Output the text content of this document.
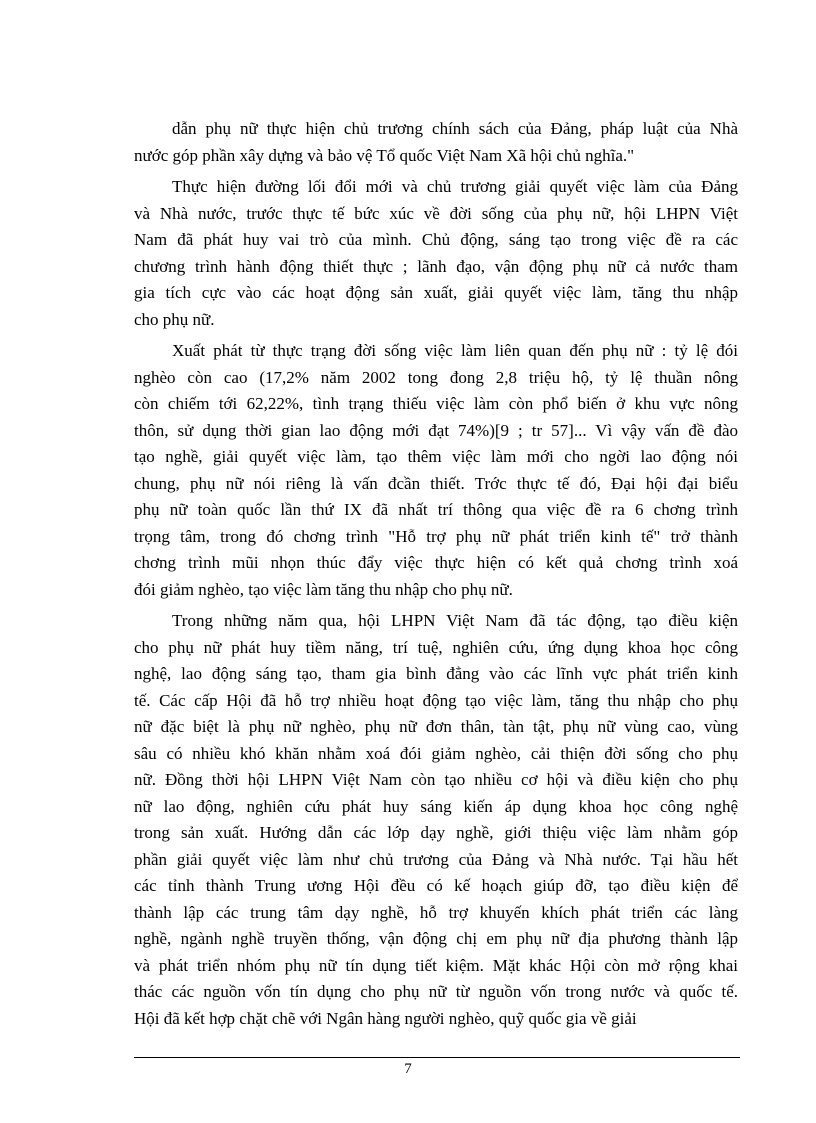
dẫn phụ nữ thực hiện chủ trương chính sách của Đảng, pháp luật của Nhà
nước góp phần xây dựng và bảo vệ Tổ quốc Việt Nam Xã hội chủ nghĩa."
Thực hiện đường lối đổi mới và chủ trương giải quyết việc làm của Đảng
và Nhà nước, trước thực tế bức xúc về đời sống của phụ nữ, hội LHPN Việt
Nam đã phát huy vai trò của mình. Chủ động, sáng tạo trong việc đề ra các
chương trình hành động thiết thực ; lãnh đạo, vận động phụ nữ cả nước tham
gia tích cực vào các hoạt động sản xuất, giải quyết việc làm, tăng thu nhập
cho phụ nữ.
Xuất phát từ thực trạng đời sống việc làm liên quan đến phụ nữ : tỷ lệ đói
nghèo còn cao (17,2% năm 2002 tong đong 2,8 triệu hộ, tỷ lệ thuần nông
còn chiếm tới 62,22%, tình trạng thiếu việc làm còn phổ biến ở khu vực nông
thôn, sử dụng thời gian lao động mới đạt 74%)[9 ; tr 57]... Vì vậy vấn đề đào
tạo nghề, giải quyết việc làm, tạo thêm việc làm mới cho ngời lao động nói
chung, phụ nữ nói riêng là vấn đcần thiết. Trớc thực tế đó, Đại hội đại biểu
phụ nữ toàn quốc lần thứ IX đã nhất trí thông qua việc đề ra 6 chơng trình
trọng tâm, trong đó chơng trình "Hỗ trợ phụ nữ phát triển kinh tế" trở thành
chơng trình mũi nhọn thúc đẩy việc thực hiện có kết quả chơng trình xoá
đói giảm nghèo, tạo việc làm tăng thu nhập cho phụ nữ.
Trong những năm qua, hội LHPN Việt Nam đã tác động, tạo điều kiện
cho phụ nữ phát huy tiềm năng, trí tuệ, nghiên cứu, ứng dụng khoa học công
nghệ, lao động sáng tạo, tham gia bình đẳng vào các lĩnh vực phát triển kinh
tế. Các cấp Hội đã hỗ trợ nhiều hoạt động tạo việc làm, tăng thu nhập cho phụ
nữ đặc biệt là phụ nữ nghèo, phụ nữ đơn thân, tàn tật, phụ nữ vùng cao, vùng
sâu có nhiều khó khăn nhằm xoá đói giảm nghèo, cải thiện đời sống cho phụ
nữ. Đồng thời hội LHPN Việt Nam còn tạo nhiều cơ hội và điều kiện cho phụ
nữ lao động, nghiên cứu phát huy sáng kiến áp dụng khoa học công nghệ
trong sản xuất. Hướng dẫn các lớp dạy nghề, giới thiệu việc làm nhằm góp
phần giải quyết việc làm như chủ trương của Đảng và Nhà nước. Tại hầu hết
các tỉnh thành Trung ương Hội đều có kế hoạch giúp đỡ, tạo điều kiện để
thành lập các trung tâm dạy nghề, hỗ trợ khuyến khích phát triển các làng
nghề, ngành nghề truyền thống, vận động chị em phụ nữ địa phương thành lập
và phát triển nhóm phụ nữ tín dụng tiết kiệm. Mặt khác Hội còn mở rộng khai
thác các nguồn vốn tín dụng cho phụ nữ từ nguồn vốn trong nước và quốc tế.
Hội đã kết hợp chặt chẽ với Ngân hàng người nghèo, quỹ quốc gia về giải
7
